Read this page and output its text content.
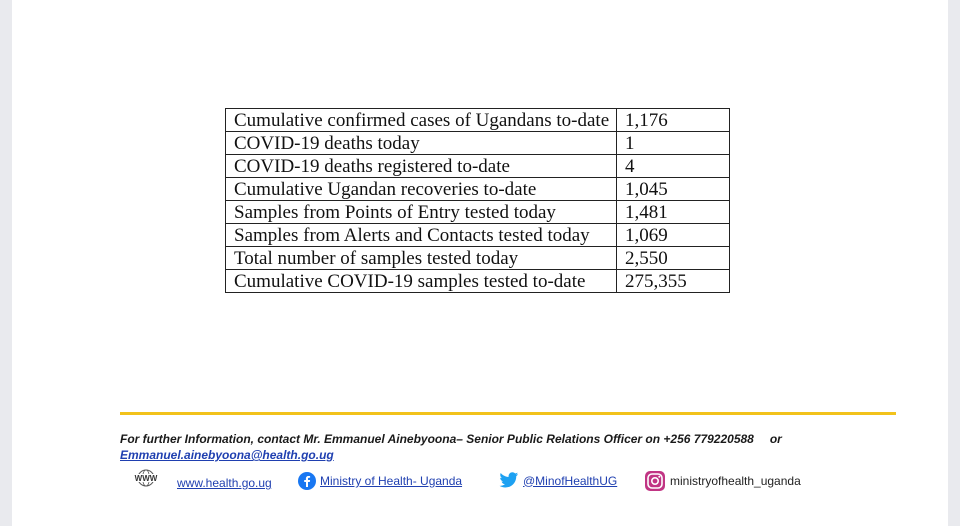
Cumulative confirmed cases of Ugandans to-date	1,176
COVID-19 deaths today	1
COVID-19 deaths registered to-date	4
Cumulative Ugandan recoveries to-date	1,045
Samples from Points of Entry tested today	1,481
Samples from Alerts and Contacts tested today	1,069
Total number of samples tested today	2,550
Cumulative COVID-19 samples tested to-date	275,355
For further Information, contact Mr. Emmanuel Ainebyoona– Senior Public Relations Officer on +256 779220588 or
Emmanuel.ainebyoona@health.go.ug
WWW www.health.go.ug	Ministry of Health- Uganda	@MinofHealthUG	ministryofhealth_uganda
